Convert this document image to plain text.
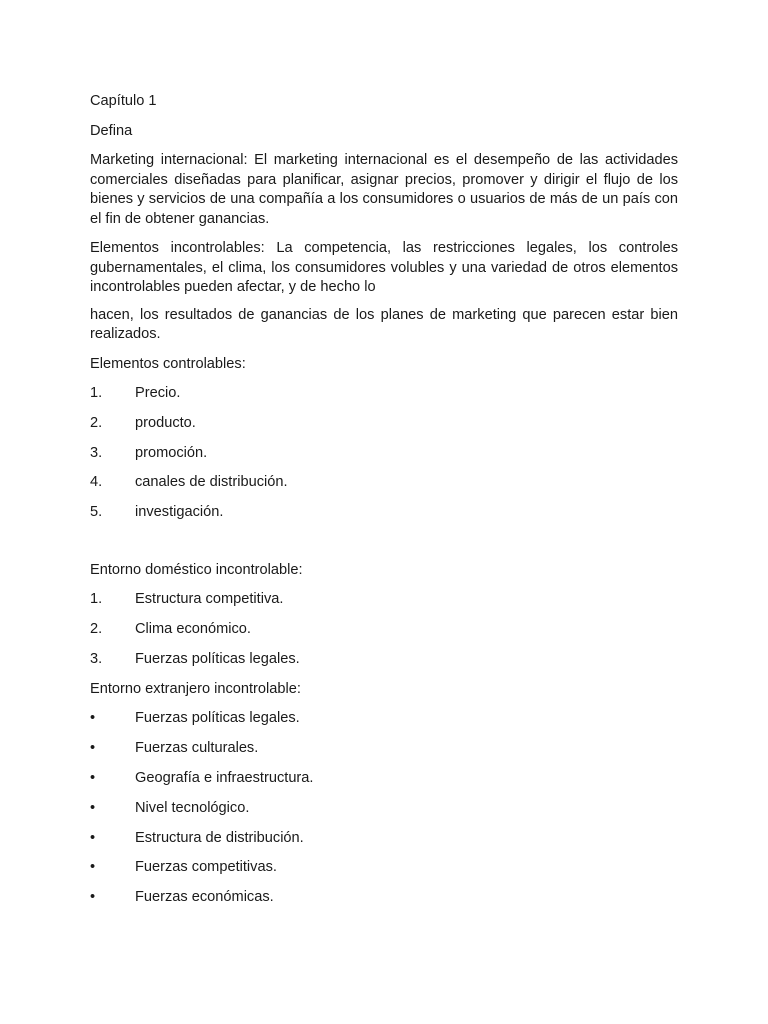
Capítulo 1
Defina

Marketing internacional: El marketing internacional es el desempeño de las actividades comerciales diseñadas para planificar, asignar precios, promover y dirigir el flujo de los bienes y servicios de una compañía a los consumidores o usuarios de más de un país con el fin de obtener ganancias.

Elementos incontrolables: La competencia, las restricciones legales, los controles gubernamentales, el clima, los consumidores volubles y una variedad de otros elementos incontrolables pueden afectar, y de hecho lo

hacen, los resultados de ganancias de los planes de marketing que parecen estar bien realizados.

Elementos controlables:
1.	Precio.
2.	producto.
3.	promoción.
4.	canales de distribución.
5.	investigación.
Entorno doméstico incontrolable:
1.	Estructura competitiva.
2.	Clima económico.
3.	Fuerzas políticas legales.
Entorno extranjero incontrolable:
•	Fuerzas políticas legales.
•	Fuerzas culturales.
•	Geografía e infraestructura.
•	Nivel tecnológico.
•	Estructura de distribución.
•	Fuerzas competitivas.
•	Fuerzas económicas.
